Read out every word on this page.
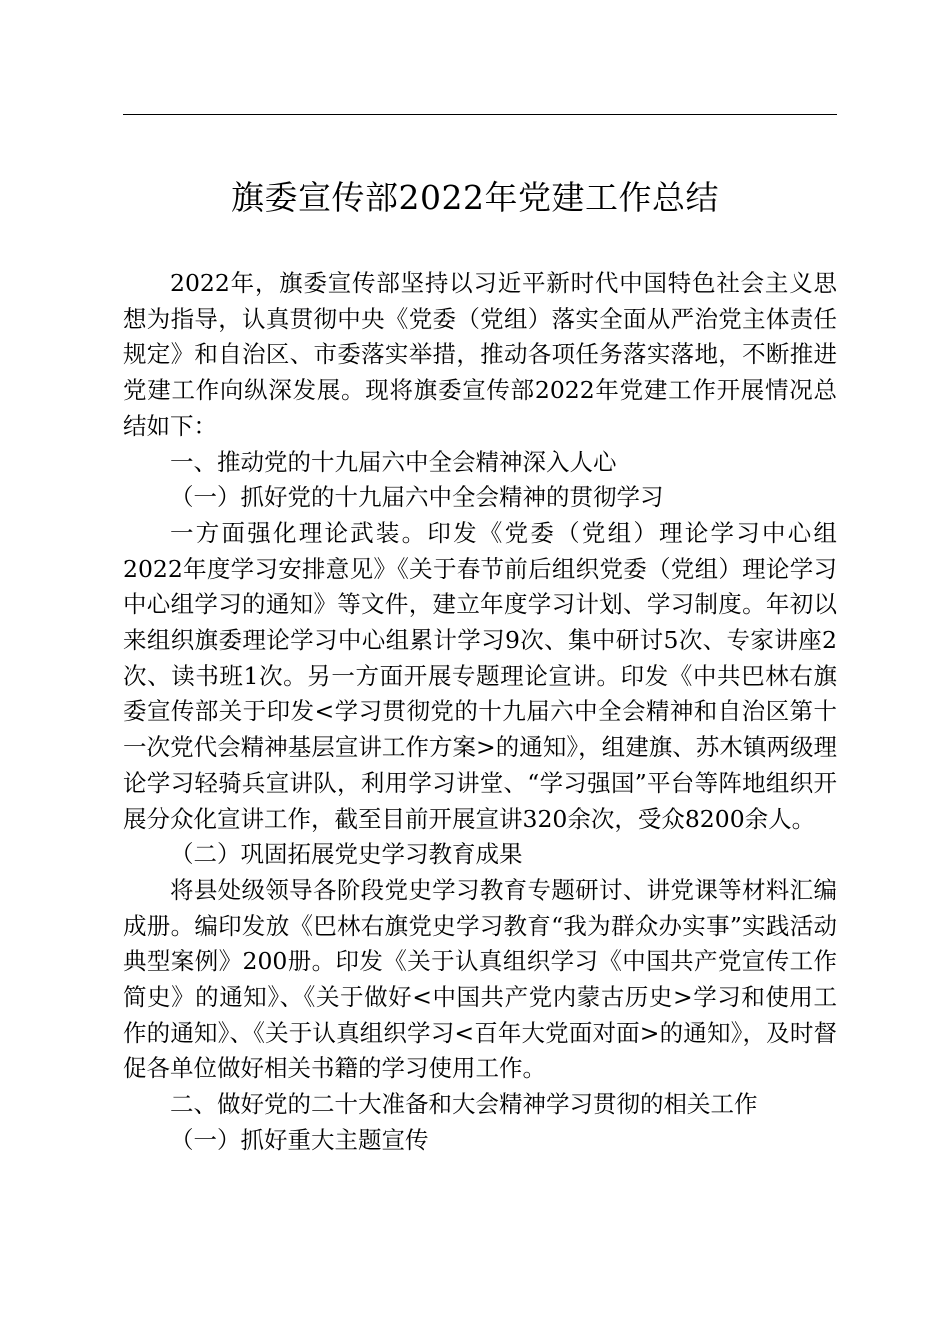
旗委宣传部2022年党建工作总结

2022年，旗委宣传部坚持以习近平新时代中国特色社会主义思想为指导，认真贯彻中央《党委（党组）落实全面从严治党主体责任规定》和自治区、市委落实举措，推动各项任务落实落地，不断推进党建工作向纵深发展。现将旗委宣传部2022年党建工作开展情况总结如下：

一、推动党的十九届六中全会精神深入人心

（一）抓好党的十九届六中全会精神的贯彻学习

一方面强化理论武装。印发《党委（党组）理论学习中心组2022年度学习安排意见》《关于春节前后组织党委（党组）理论学习中心组学习的通知》等文件，建立年度学习计划、学习制度。年初以来组织旗委理论学习中心组累计学习9次、集中研讨5次、专家讲座2次、读书班1次。另一方面开展专题理论宣讲。印发《中共巴林右旗委宣传部关于印发<学习贯彻党的十九届六中全会精神和自治区第十一次党代会精神基层宣讲工作方案>的通知》，组建旗、苏木镇两级理论学习轻骑兵宣讲队，利用学习讲堂、“学习强国”平台等阵地组织开展分众化宣讲工作，截至目前开展宣讲320余次，受众8200余人。

（二）巩固拓展党史学习教育成果

将县处级领导各阶段党史学习教育专题研讨、讲党课等材料汇编成册。编印发放《巴林右旗党史学习教育“我为群众办实事”实践活动典型案例》200册。印发《关于认真组织学习《中国共产党宣传工作简史》的通知》、《关于做好<中国共产党内蒙古历史>学习和使用工作的通知》、《关于认真组织学习<百年大党面对面>的通知》，及时督促各单位做好相关书籍的学习使用工作。

二、做好党的二十大准备和大会精神学习贯彻的相关工作

（一）抓好重大主题宣传
